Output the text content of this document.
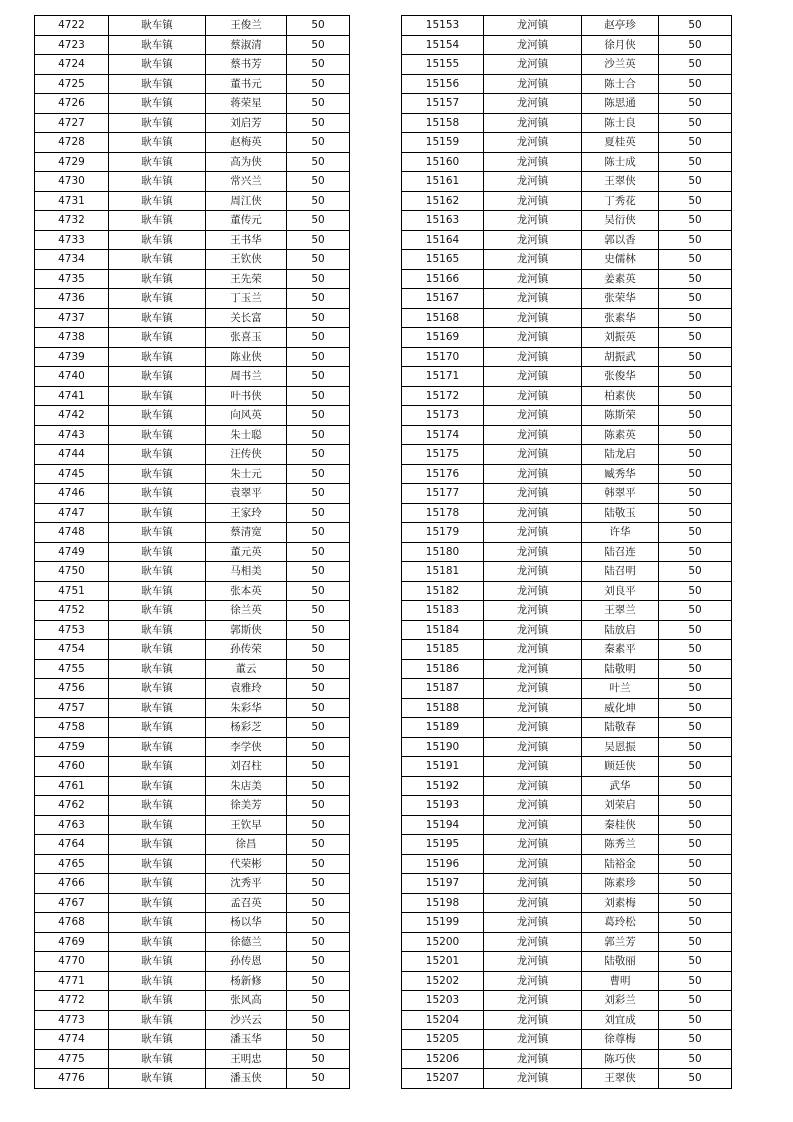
4722	耿车镇	王俊兰	50
4723	耿车镇	蔡淑清	50
4724	耿车镇	蔡书芳	50
4725	耿车镇	董书元	50
4726	耿车镇	蒋荣星	50
4727	耿车镇	刘启芳	50
4728	耿车镇	赵梅英	50
4729	耿车镇	高为侠	50
4730	耿车镇	常兴兰	50
4731	耿车镇	周江侠	50
4732	耿车镇	董传元	50
4733	耿车镇	王书华	50
4734	耿车镇	王钦侠	50
4735	耿车镇	王先荣	50
4736	耿车镇	丁玉兰	50
4737	耿车镇	关长富	50
4738	耿车镇	张喜玉	50
4739	耿车镇	陈业侠	50
4740	耿车镇	周书兰	50
4741	耿车镇	叶书侠	50
4742	耿车镇	向风英	50
4743	耿车镇	朱士聪	50
4744	耿车镇	汪传侠	50
4745	耿车镇	朱士元	50
4746	耿车镇	袁翠平	50
4747	耿车镇	王家玲	50
4748	耿车镇	蔡清宽	50
4749	耿车镇	董元英	50
4750	耿车镇	马相美	50
4751	耿车镇	张本英	50
4752	耿车镇	徐兰英	50
4753	耿车镇	郭斯侠	50
4754	耿车镇	孙传荣	50
4755	耿车镇	董云	50
4756	耿车镇	袁雅玲	50
4757	耿车镇	朱彩华	50
4758	耿车镇	杨彩芝	50
4759	耿车镇	李学侠	50
4760	耿车镇	刘召柱	50
4761	耿车镇	朱店美	50
4762	耿车镇	徐美芳	50
4763	耿车镇	王钦早	50
4764	耿车镇	徐昌	50
4765	耿车镇	代荣彬	50
4766	耿车镇	沈秀平	50
4767	耿车镇	孟召英	50
4768	耿车镇	杨以华	50
4769	耿车镇	徐德兰	50
4770	耿车镇	孙传恩	50
4771	耿车镇	杨新修	50
4772	耿车镇	张风高	50
4773	耿车镇	沙兴云	50
4774	耿车镇	潘玉华	50
4775	耿车镇	王明忠	50
4776	耿车镇	潘玉侠	50
15153	龙河镇	赵亭珍	50
15154	龙河镇	徐月侠	50
15155	龙河镇	沙兰英	50
15156	龙河镇	陈士合	50
15157	龙河镇	陈思通	50
15158	龙河镇	陈士良	50
15159	龙河镇	夏桂英	50
15160	龙河镇	陈士成	50
15161	龙河镇	王翠侠	50
15162	龙河镇	丁秀花	50
15163	龙河镇	吴衍侠	50
15164	龙河镇	郭以香	50
15165	龙河镇	史儒林	50
15166	龙河镇	姜素英	50
15167	龙河镇	张荣华	50
15168	龙河镇	张素华	50
15169	龙河镇	刘振英	50
15170	龙河镇	胡振武	50
15171	龙河镇	张俊华	50
15172	龙河镇	柏素侠	50
15173	龙河镇	陈斯荣	50
15174	龙河镇	陈素英	50
15175	龙河镇	陆龙启	50
15176	龙河镇	臧秀华	50
15177	龙河镇	韩翠平	50
15178	龙河镇	陆敬玉	50
15179	龙河镇	许华	50
15180	龙河镇	陆召连	50
15181	龙河镇	陆召明	50
15182	龙河镇	刘良平	50
15183	龙河镇	王翠兰	50
15184	龙河镇	陆放启	50
15185	龙河镇	秦素平	50
15186	龙河镇	陆敬明	50
15187	龙河镇	叶兰	50
15188	龙河镇	威化坤	50
15189	龙河镇	陆敬春	50
15190	龙河镇	吴恩振	50
15191	龙河镇	顾廷侠	50
15192	龙河镇	武华	50
15193	龙河镇	刘荣启	50
15194	龙河镇	秦桂侠	50
15195	龙河镇	陈秀兰	50
15196	龙河镇	陆裕金	50
15197	龙河镇	陈素珍	50
15198	龙河镇	刘素梅	50
15199	龙河镇	葛玲松	50
15200	龙河镇	郭兰芳	50
15201	龙河镇	陆敬丽	50
15202	龙河镇	曹明	50
15203	龙河镇	刘彩兰	50
15204	龙河镇	刘宜成	50
15205	龙河镇	徐尊梅	50
15206	龙河镇	陈巧侠	50
15207	龙河镇	王翠侠	50
